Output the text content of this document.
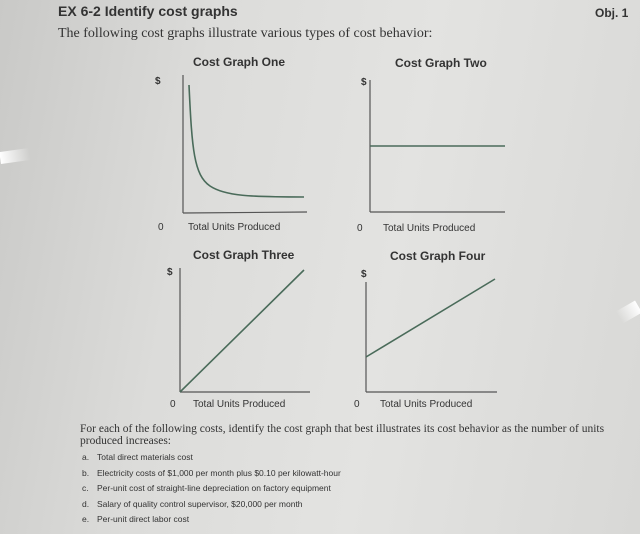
EX 6-2 Identify cost graphs	Obj. 1
The following cost graphs illustrate various types of cost behavior:
Cost Graph One
$
0 Total Units Produced
Cost Graph Two
$
0 Total Units Produced
Cost Graph Three
$
0 Total Units Produced
Cost Graph Four
$
0 Total Units Produced
For each of the following costs, identify the cost graph that best illustrates its cost behavior as the number of units produced increases:
a. Total direct materials cost
b. Electricity costs of $1,000 per month plus $0.10 per kilowatt-hour
c. Per-unit cost of straight-line depreciation on factory equipment
d. Salary of quality control supervisor, $20,000 per month
e. Per-unit direct labor cost
